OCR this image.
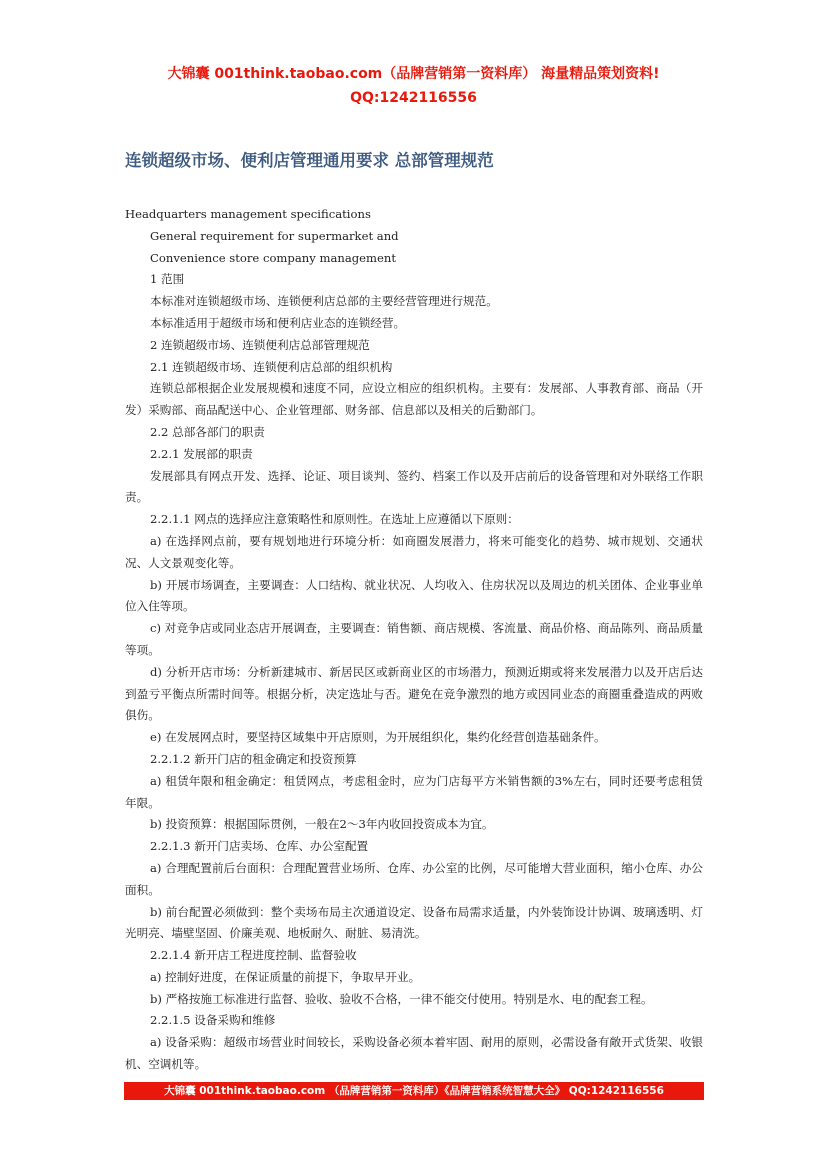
大锦囊 001think.taobao.com（品牌营销第一资料库） 海量精品策划资料!
QQ:1242116556
连锁超级市场、便利店管理通用要求 总部管理规范

Headquarters management specifications

General requirement for supermarket and

Convenience store company management

1 范围

本标准对连锁超级市场、连锁便利店总部的主要经营管理进行规范。

本标准适用于超级市场和便利店业态的连锁经营。

2 连锁超级市场、连锁便利店总部管理规范

2.1 连锁超级市场、连锁便利店总部的组织机构

连锁总部根据企业发展规模和速度不同，应设立相应的组织机构。主要有：发展部、人事教育部、商品（开发）采购部、商品配送中心、企业管理部、财务部、信息部以及相关的后勤部门。

2.2 总部各部门的职责

2.2.1 发展部的职责

发展部具有网点开发、选择、论证、项目谈判、签约、档案工作以及开店前后的设备管理和对外联络工作职责。

2.2.1.1 网点的选择应注意策略性和原则性。在选址上应遵循以下原则：

a) 在选择网点前，要有规划地进行环境分析：如商圈发展潜力，将来可能变化的趋势、城市规划、交通状况、人文景观变化等。

b) 开展市场调查，主要调查：人口结构、就业状况、人均收入、住房状况以及周边的机关团体、企业事业单位入住等项。

c) 对竞争店或同业态店开展调查，主要调查：销售额、商店规模、客流量、商品价格、商品陈列、商品质量等项。

d) 分析开店市场：分析新建城市、新居民区或新商业区的市场潜力，预测近期或将来发展潜力以及开店后达到盈亏平衡点所需时间等。根据分析，决定选址与否。避免在竞争激烈的地方或因同业态的商圈重叠造成的两败俱伤。

e) 在发展网点时，要坚持区域集中开店原则，为开展组织化，集约化经营创造基础条件。

2.2.1.2 新开门店的租金确定和投资预算

a) 租赁年限和租金确定：租赁网点，考虑租金时，应为门店每平方米销售额的3%左右，同时还要考虑租赁年限。

b) 投资预算：根据国际贯例，一般在2～3年内收回投资成本为宜。

2.2.1.3 新开门店卖场、仓库、办公室配置

a) 合理配置前后台面积：合理配置营业场所、仓库、办公室的比例，尽可能增大营业面积，缩小仓库、办公面积。

b) 前台配置必须做到：整个卖场布局主次通道设定、设备布局需求适量，内外装饰设计协调、玻璃透明、灯光明亮、墙壁坚固、价廉美观、地板耐久、耐脏、易清洗。

2.2.1.4 新开店工程进度控制、监督验收

a) 控制好进度，在保证质量的前提下，争取早开业。

b) 严格按施工标准进行监督、验收、验收不合格，一律不能交付使用。特别是水、电的配套工程。

2.2.1.5 设备采购和维修

a) 设备采购：超级市场营业时间较长，采购设备必须本着牢固、耐用的原则，必需设备有敞开式货架、收银机、空调机等。

大锦囊 001think.taobao.com （品牌营销第一资料库）《品牌营销系统智慧大全》 QQ:1242116556
